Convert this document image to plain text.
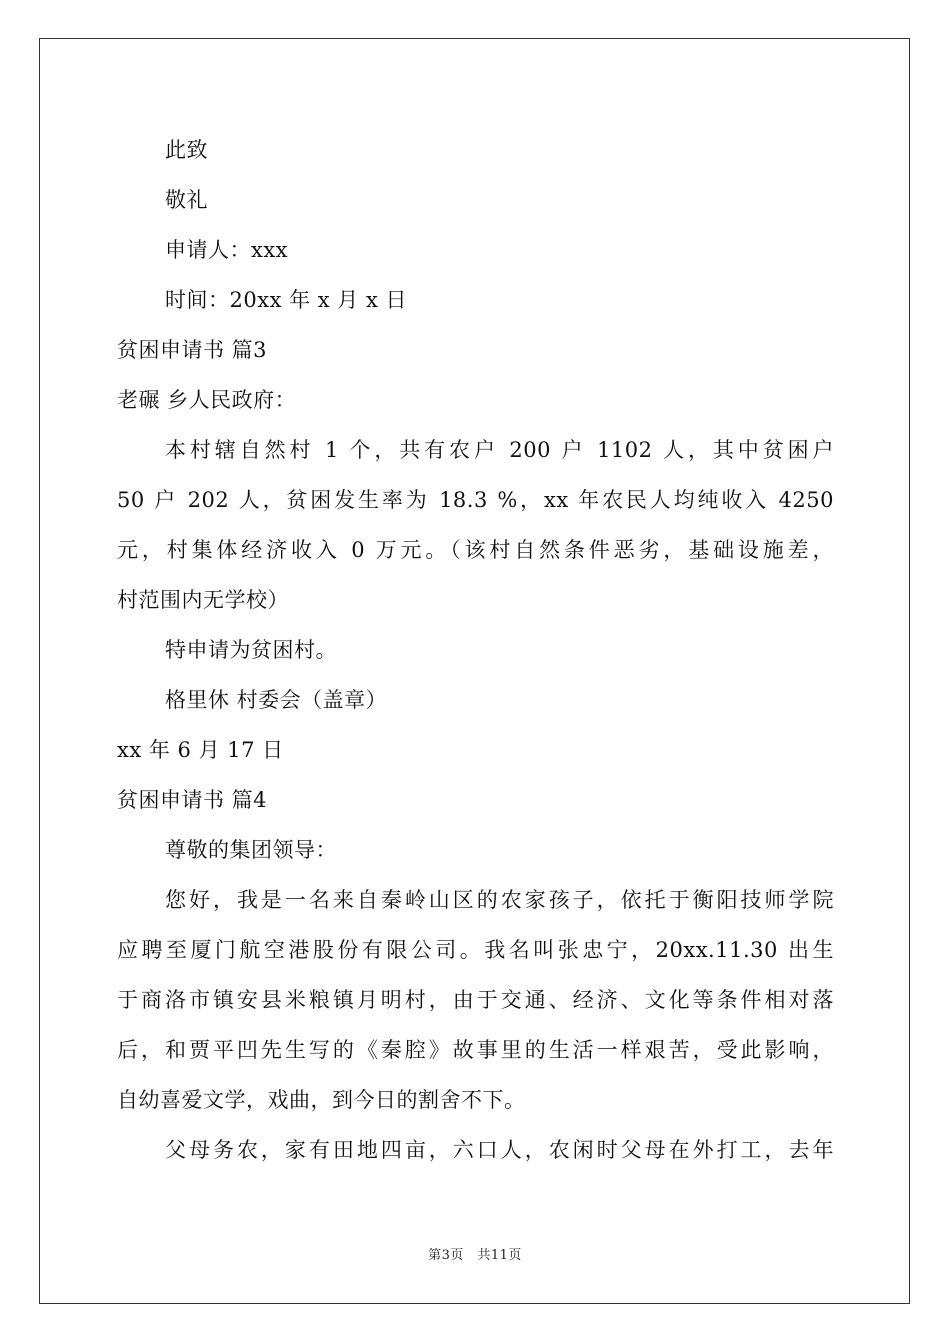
此致
敬礼
申请人：xxx
时间：20xx 年 x 月 x 日
贫困申请书 篇3
老碾 乡人民政府：
本村辖自然村 1 个，共有农户 200 户 1102 人，其中贫困户
50 户 202 人，贫困发生率为 18.3 %，xx 年农民人均纯收入 4250
元，村集体经济收入 0 万元。（该村自然条件恶劣，基础设施差，
村范围内无学校）
特申请为贫困村。
格里休 村委会（盖章）
xx 年 6 月 17 日
贫困申请书 篇4
尊敬的集团领导：
您好，我是一名来自秦岭山区的农家孩子，依托于衡阳技师学院
应聘至厦门航空港股份有限公司。我名叫张忠宁，20xx.11.30 出生
于商洛市镇安县米粮镇月明村，由于交通、经济、文化等条件相对落
后，和贾平凹先生写的《秦腔》故事里的生活一样艰苦，受此影响，
自幼喜爱文学，戏曲，到今日的割舍不下。
父母务农，家有田地四亩，六口人，农闲时父母在外打工，去年
第3页　共11页
